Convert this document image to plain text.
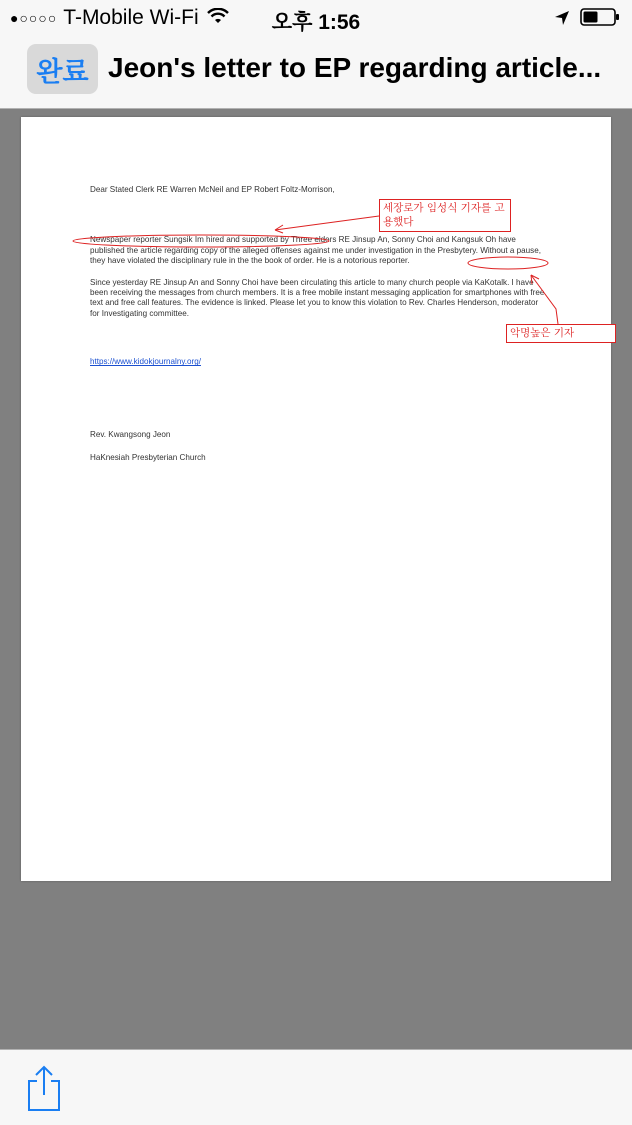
●○○○○ T-Mobile Wi-Fi	오후 1:56
완료 Jeon's letter to EP regarding article...

Dear Stated Clerk RE Warren McNeil and EP Robert Foltz-Morrison,

Newspaper reporter Sungsik Im hired and supported by Three elders RE Jinsup An, Sonny Choi and Kangsuk Oh have published the article regarding copy of the alleged offenses against me under investigation in the Presbytery. Without a pause, they have violated the disciplinary rule in the the book of order. He is a notorious reporter.

Since yesterday RE Jinsup An and Sonny Choi have been circulating this article to many church people via KaKotalk. I have been receiving the messages from church members. It is a free mobile instant messaging application for smartphones with free text and free call features. The evidence is linked. Please let you to know this violation to Rev. Charles Henderson, moderator for Investigating committee.

https://www.kidokjournalny.org/

Rev. Kwangsong Jeon

HaKnesiah Presbyterian Church

세장로가 임성식 기자를 고용했다
악명높은 기자
